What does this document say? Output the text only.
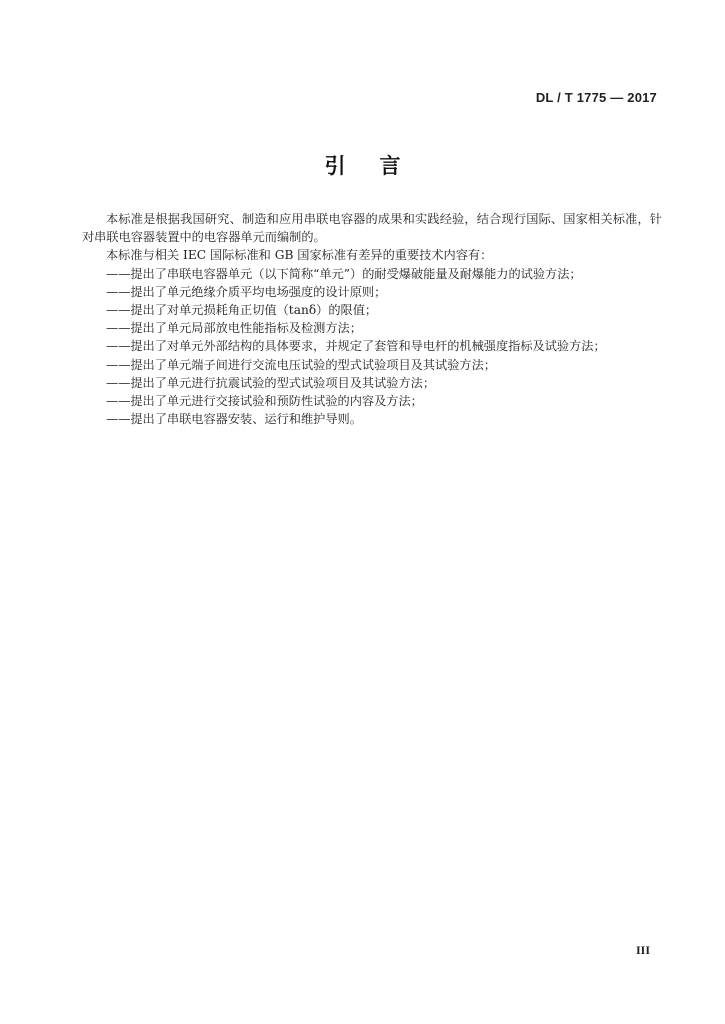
DL / T 1775 — 2017
引言

本标准是根据我国研究、制造和应用串联电容器的成果和实践经验，结合现行国际、国家相关标准，针对串联电容器装置中的电容器单元而编制的。

本标准与相关 IEC 国际标准和 GB 国家标准有差异的重要技术内容有：

——提出了串联电容器单元（以下简称“单元”）的耐受爆破能量及耐爆能力的试验方法；
——提出了单元绝缘介质平均电场强度的设计原则；
——提出了对单元损耗角正切值（tanδ）的限值；
——提出了单元局部放电性能指标及检测方法；
——提出了对单元外部结构的具体要求，并规定了套管和导电杆的机械强度指标及试验方法；
——提出了单元端子间进行交流电压试验的型式试验项目及其试验方法；
——提出了单元进行抗震试验的型式试验项目及其试验方法；
——提出了单元进行交接试验和预防性试验的内容及方法；
——提出了串联电容器安装、运行和维护导则。
III
